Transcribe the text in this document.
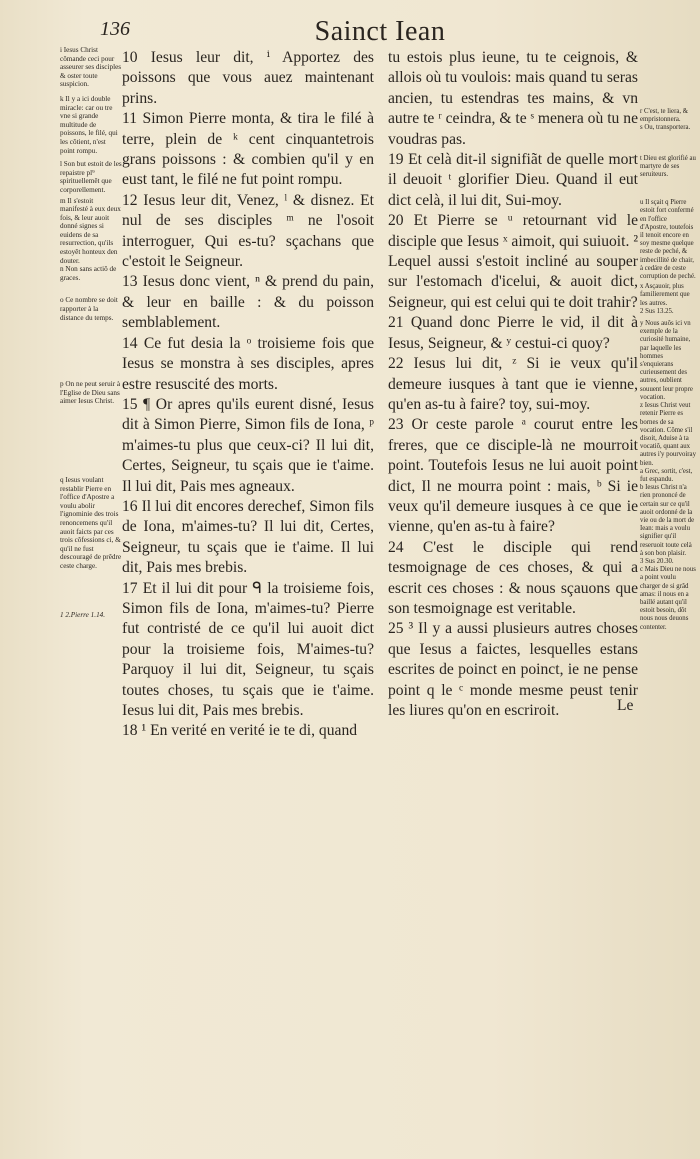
136	Sainct Iean

i Iesus Christ cõmande ceci pour asseurer ses disciples & oster toute suspicion.

k Il y a ici double miracle: car ou tre vne si grande multitude de poissons, le filé, qui les cõtient, n'est point rompu.

l Son but estoit de les repaistre pl⁹ spirituellemẽt que corporellement.

m Il s'estoit manifesté à eux deux fois, & leur auoit donné signes si euidens de sa resurrection, qu'ils estoyẽt honteux den douter.

n Non sans actiõ de graces.

o Ce nombre se doit rapporter à la distance du temps.

p On ne peut seruir à l'Eglise de Dieu sans aimer Iesus Christ.

q Iesus voulant restablir Pierre en l'office d'Apostre a voulu abolir l'ignominie des trois renoncemens qu'il auoit faicts par ces trois cõfessions ci, & qu'il ne fust descouragé de prẽdre ceste charge.

1 2.Pierre 1.14.

10 Iesus leur dit, ⁱ Apportez des poissons que vous auez maintenant prins.

11 Simon Pierre monta, & tira le filé à terre, plein de ᵏ cent cinquantetrois grans poissons : & combien qu'il y en eust tant, le filé ne fut point rompu.

12 Iesus leur dit, Venez, ˡ & disnez. Et nul de ses disciples ᵐ ne l'osoit interroguer, Qui es-tu? sçachans que c'estoit le Seigneur.

13 Iesus donc vient, ⁿ & prend du pain, & leur en baille : & du poisson semblablement.

14 Ce fut desia la ᵒ troisieme fois que Iesus se monstra à ses disciples, apres estre resuscité des morts.

15 ¶ Or apres qu'ils eurent disné, Iesus dit à Simon Pierre, Simon fils de Iona, ᵖ m'aimes-tu plus que ceux-ci? Il lui dit, Certes, Seigneur, tu sçais que ie t'aime. Il lui dit, Pais mes agneaux.

16 Il lui dit encores derechef, Simon fils de Iona, m'aimes-tu? Il lui dit, Certes, Seigneur, tu sçais que ie t'aime. Il lui dit, Pais mes brebis.

17 Et il lui dit pour ᑫ la troisieme fois, Simon fils de Iona, m'aimes-tu? Pierre fut contristé de ce qu'il lui auoit dict pour la troisieme fois, M'aimes-tu? Parquoy il lui dit, Seigneur, tu sçais toutes choses, tu sçais que ie t'aime. Iesus lui dit, Pais mes brebis.

18 ¹ En verité en verité ie te di, quand

tu estois plus ieune, tu te ceignois, & allois où tu voulois: mais quand tu seras ancien, tu estendras tes mains, & vn autre te ʳ ceindra, & te ˢ menera où tu ne voudras pas.

19 Et celà dit-il signifiãt de quelle mort il deuoit ᵗ glorifier Dieu. Quand il eut dict celà, il lui dit, Sui-moy.

20 Et Pierre se ᵘ retournant vid le disciple que Iesus ˣ aimoit, qui suiuoit. ² Lequel aussi s'estoit incliné au souper sur l'estomach d'icelui, & auoit dict, Seigneur, qui est celui qui te doit trahir?

21 Quand donc Pierre le vid, il dit à Iesus, Seigneur, & ʸ cestui-ci quoy?

22 Iesus lui dit, ᶻ Si ie veux qu'il demeure iusques à tant que ie vienne, qu'en as-tu à faire? toy, sui-moy.

23 Or ceste parole ᵃ courut entre les freres, que ce disciple-là ne mourroit point. Toutefois Iesus ne lui auoit point dict, Il ne mourra point : mais, ᵇ Si ie veux qu'il demeure iusques à ce que ie vienne, qu'en as-tu à faire?

24 C'est le disciple qui rend tesmoignage de ces choses, & qui a escrit ces choses : & nous sçauons que son tesmoignage est veritable.

25 ³ Il y a aussi plusieurs autres choses que Iesus a faictes, lesquelles estans escrites de poinct en poinct, ie ne pense point q le ᶜ monde mesme peust tenir les liures qu'on en escriroit.	Le

r C'est, te liera, & empristonnera.

s Ou, transportera.

t Dieu est glorifié au martyre de ses seruiteurs.

u Il sçait q Pierre estoit fort confermé en l'office d'Apostre, toutefois il tenoit encore en soy mesme quelque reste de peché, & imbecillité de chair, à cedáre de ceste corruption de peché.

x Asçauoir, plus familierement que les autres.

2 Sus 13.25.

y Nous auõs ici vn exemple de la curiosité humaine, par laquelle les hommes s'enquierans curieusement des autres, oublient souuent leur propre vocation.

z Iesus Christ veut retenir Pierre es bornes de sa vocation. Côme s'il disoit, Aduise à ta vocatiõ, quant aux autres i'y pourvoiray bien.

a Grec, sortit, c'est, fut espandu.

b Iesus Christ n'a rien prononcé de certain sur ce qu'il auoit ordonné de la vie ou de la mort de Iean: mais a voulu signifier qu'il reseruoit toute celà à son bon plaisir.

3 Sus 20.30.

c Mais Dieu ne nous a point voulu charger de si grãd amas: il nous en a baillé autant qu'il estoit besoin, dõt nous nous deuons contenter.
